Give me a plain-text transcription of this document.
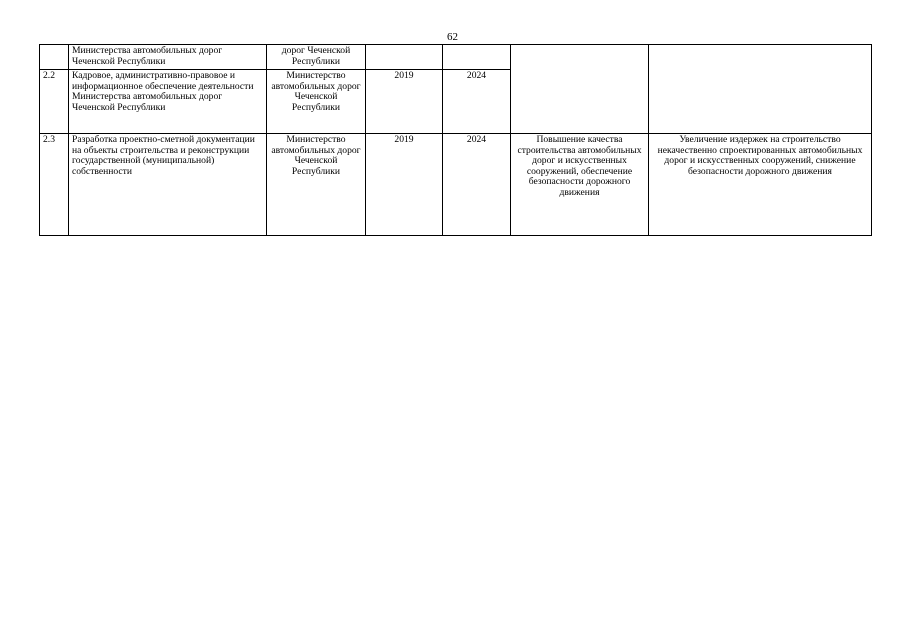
62
	Министерства автомобильных дорог Чеченской Республики	дорог Чеченской Республики				
2.2	Кадровое, административно-правовое и информационное обеспечение деятельности Министерства автомобильных дорог Чеченской Республики	Министерство автомобильных дорог Чеченской Республики	2019	2024		
2.3	Разработка проектно-сметной документации на объекты строительства и реконструкции государственной (муниципальной) собственности	Министерство автомобильных дорог Чеченской Республики	2019	2024	Повышение качества строительства автомобильных дорог и искусственных сооружений, обеспечение безопасности дорожного движения	Увеличение издержек на строительство некачественно спроектированных автомобильных дорог и искусственных сооружений, снижение безопасности дорожного движения
